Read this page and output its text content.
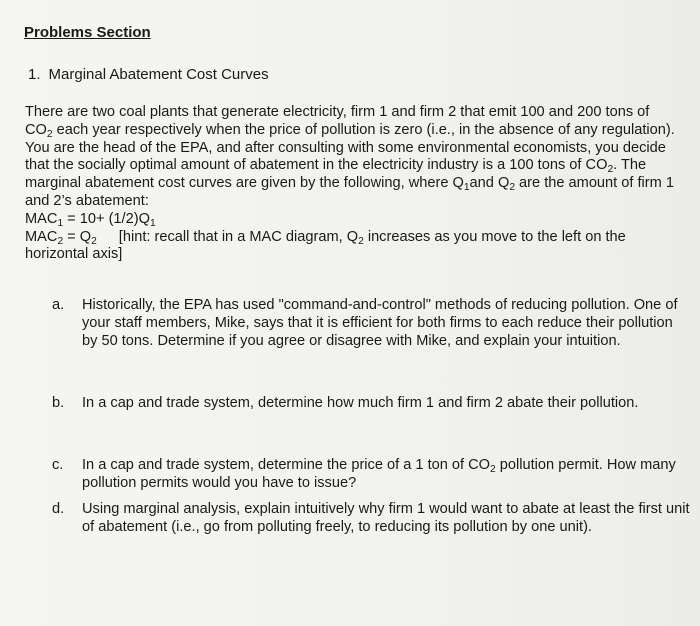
Problems Section
1. Marginal Abatement Cost Curves

There are two coal plants that generate electricity, firm 1 and firm 2 that emit 100 and 200 tons of $CO_2$ each year respectively when the price of pollution is zero (i.e., in the absence of any regulation). You are the head of the EPA, and after consulting with some environmental economists, you decide that the socially optimal amount of abatement in the electricity industry is a 100 tons of $CO_2$. The marginal abatement cost curves are given by the following, where $Q_1and$ $Q_2$ are the amount of firm 1 and 2’s abatement:

$MAC_1 = 10+ (1/2)Q_1$

$MAC_2 = Q_2$ [hint: recall that in a MAC diagram, $Q_2$ increases as you move to the left on the horizontal axis]

a.	Historically, the EPA has used "command-and-control" methods of reducing pollution. One of your staff members, Mike, says that it is efficient for both firms to each reduce their pollution by 50 tons. Determine if you agree or disagree with Mike, and explain your intuition.
b.	In a cap and trade system, determine how much firm 1 and firm 2 abate their pollution.
c.	In a cap and trade system, determine the price of a 1 ton of $CO_2$ pollution permit. How many pollution permits would you have to issue?
d.	Using marginal analysis, explain intuitively why firm 1 would want to abate at least the first unit of abatement (i.e., go from polluting freely, to reducing its pollution by one unit).
